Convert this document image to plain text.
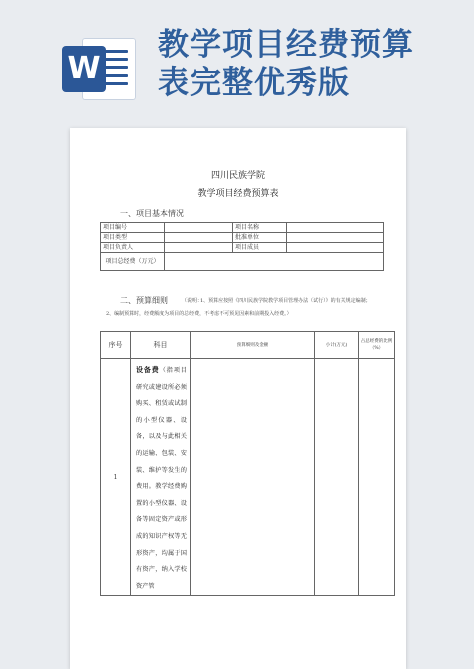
W
教学项目经费预算
表完整优秀版
四川民族学院
教学项目经费预算表
一、项目基本情况
项目编号		项目名称	
项目类型		批准单位	
项目负责人		项目成员	
项目总经费（万元）			
二、预算细则	（说明：
1、预算应按照《四川民族学院教学项目管理办法（试行）》的有关规定编制；
2、编制预算时，经费额度为项目的总经费，不考虑不可预见因素和前期投入经费。）
序号	科目	预算细则及金额	小计(万元)	占总经费的比例（%）
1	设备费（指项目研究或建设所必须购买、租赁或试制的小型仪器、设备，以及与此相关的运输、包装、安装、维护等发生的费用。教学经费购置的小型仪器、设备等固定资产或形成的知识产权等无形资产，均属于国有资产，纳入学校资产管			
